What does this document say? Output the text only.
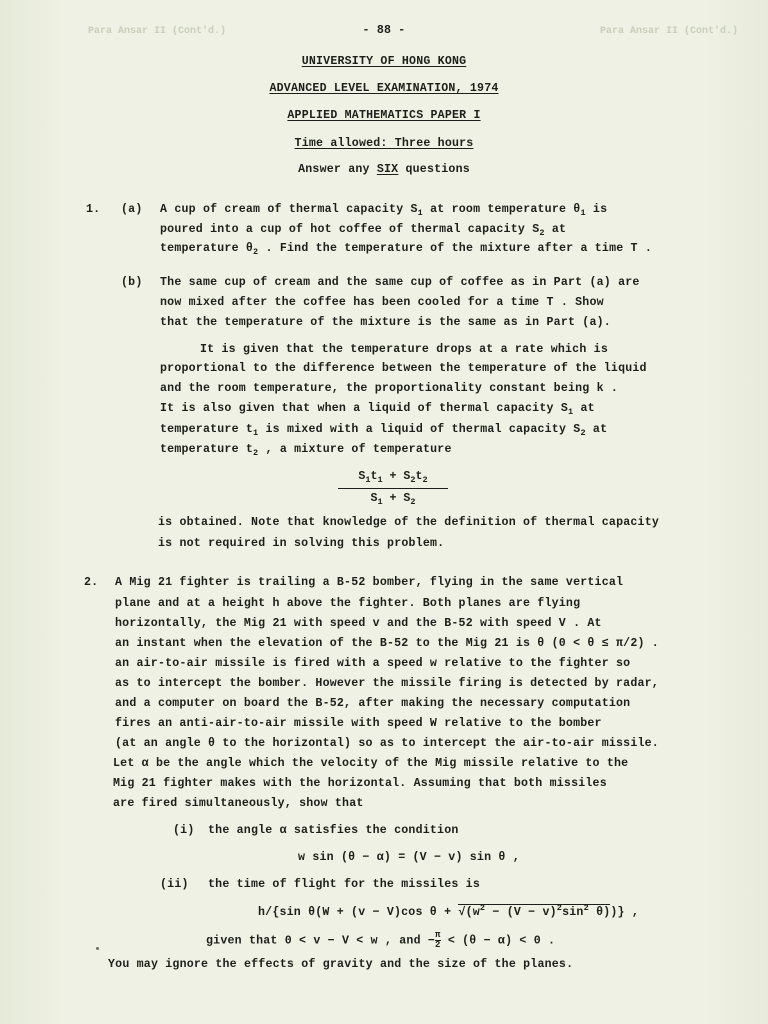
Para Ansar II (Cont'd.)	Para Ansar II (Cont'd.)
- 88 -
UNIVERSITY OF HONG KONG
ADVANCED LEVEL EXAMINATION, 1974
APPLIED MATHEMATICS PAPER I
Time allowed: Three hours
Answer any SIX questions
1. (a) A cup of cream of thermal capacity $S_1$ at room temperature $\theta_1$ is
poured into a cup of hot coffee of thermal capacity $S_2$ at
temperature $\theta_2$ . Find the temperature of the mixture after a time T .
(b) The same cup of cream and the same cup of coffee as in Part (a) are
now mixed after the coffee has been cooled for a time T . Show
that the temperature of the mixture is the same as in Part (a).
It is given that the temperature drops at a rate which is
proportional to the difference between the temperature of the liquid
and the room temperature, the proportionality constant being k .
It is also given that when a liquid of thermal capacity $S_1$ at
temperature $t_1$ is mixed with a liquid of thermal capacity $S_2$ at
temperature $t_2$ , a mixture of temperature
$\frac{S_1t_1 + S_2t_2}{S_1 + S_2}$
is obtained. Note that knowledge of the definition of thermal capacity
is not required in solving this problem.
2. A Mig 21 fighter is trailing a B-52 bomber, flying in the same vertical
plane and at a height h above the fighter. Both planes are flying
horizontally, the Mig 21 with speed v and the B-52 with speed V . At
an instant when the elevation of the B-52 to the Mig 21 is θ (0 < θ ≤ π/2) .
an air-to-air missile is fired with a speed w relative to the fighter so
as to intercept the bomber. However the missile firing is detected by radar,
and a computer on board the B-52, after making the necessary computation
fires an anti-air-to-air missile with speed W relative to the bomber
(at an angle θ to the horizontal) so as to intercept the air-to-air missile.
Let α be the angle which the velocity of the Mig missile relative to the
Mig 21 fighter makes with the horizontal. Assuming that both missiles
are fired simultaneously, show that
(i) the angle α satisfies the condition
w sin (θ − α) = (V − v) sin θ ,
(ii) the time of flight for the missiles is
h/{sin θ(W + (v − V)cos $\theta + √(w^2 - (V - v)^2\sin^2$ θ))} ,
given that 0 < v − V < w , and − $\frac{\pi}{2} < (\theta - \alpha) < 0$ .
You may ignore the effects of gravity and the size of the planes.
